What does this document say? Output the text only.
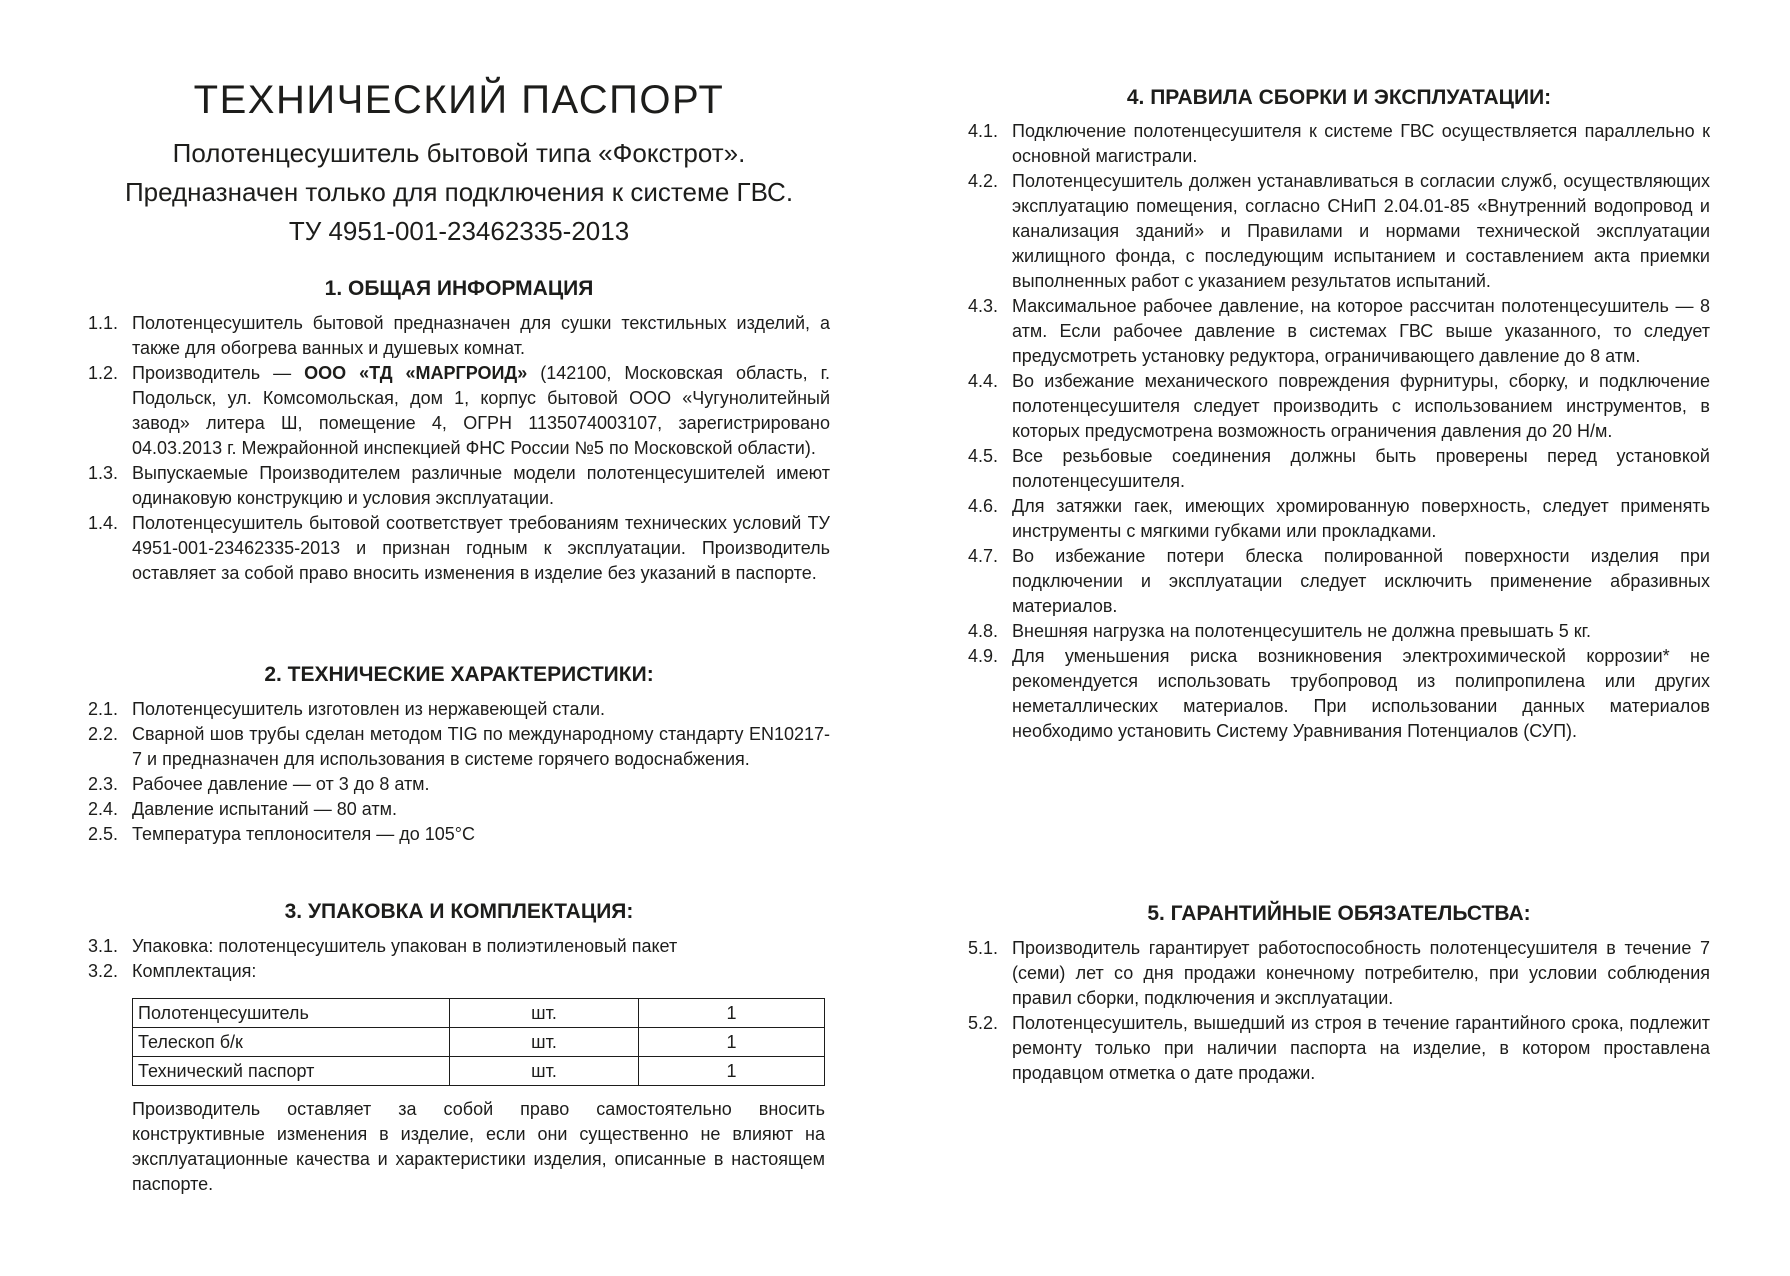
ТЕХНИЧЕСКИЙ ПАСПОРТ

Полотенцесушитель бытовой типа «Фокстрот».

Предназначен только для подключения к системе ГВС.

ТУ 4951-001-23462335-2013

1. ОБЩАЯ ИНФОРМАЦИЯ
1.1. Полотенцесушитель бытовой предназначен для сушки текстильных изделий, а также для обогрева ванных и душевых комнат.
1.2. Производитель — ООО «ТД «МАРГРОИД» (142100, Московская область, г. Подольск, ул. Комсомольская, дом 1, корпус бытовой ООО «Чугунолитейный завод» литера Ш, помещение 4, ОГРН 1135074003107, зарегистрировано 04.03.2013 г. Межрайонной инспекцией ФНС России №5 по Московской области).
1.3. Выпускаемые Производителем различные модели полотенцесушителей имеют одинаковую конструкцию и условия эксплуатации.
1.4. Полотенцесушитель бытовой соответствует требованиям технических условий ТУ 4951-001-23462335-2013 и признан годным к эксплуатации. Производитель оставляет за собой право вносить изменения в изделие без указаний в паспорте.
2. ТЕХНИЧЕСКИЕ ХАРАКТЕРИСТИКИ:
2.1. Полотенцесушитель изготовлен из нержавеющей стали.
2.2. Сварной шов трубы сделан методом TIG по международному стандарту EN10217-7 и предназначен для использования в системе горячего водоснабжения.
2.3. Рабочее давление — от 3 до 8 атм.
2.4. Давление испытаний — 80 атм.
2.5. Температура теплоносителя — до 105°С
3. УПАКОВКА И КОМПЛЕКТАЦИЯ:
3.1. Упаковка: полотенцесушитель упакован в полиэтиленовый пакет
3.2. Комплектация:
Полотенцесушитель	шт.	1
Телескоп б/к	шт.	1
Технический паспорт	шт.	1

Производитель оставляет за собой право самостоятельно вносить конструктивные изменения в изделие, если они существенно не влияют на эксплуатационные качества и характеристики изделия, описанные в настоящем паспорте.

4. ПРАВИЛА СБОРКИ И ЭКСПЛУАТАЦИИ:
4.1. Подключение полотенцесушителя к системе ГВС осуществляется параллельно к основной магистрали.
4.2. Полотенцесушитель должен устанавливаться в согласии служб, осуществляющих эксплуатацию помещения, согласно СНиП 2.04.01-85 «Внутренний водопровод и канализация зданий» и Правилами и нормами технической эксплуатации жилищного фонда, с последующим испытанием и составлением акта приемки выполненных работ с указанием результатов испытаний.
4.3. Максимальное рабочее давление, на которое рассчитан полотенцесушитель — 8 атм. Если рабочее давление в системах ГВС выше указанного, то следует предусмотреть установку редуктора, ограничивающего давление до 8 атм.
4.4. Во избежание механического повреждения фурнитуры, сборку, и подключение полотенцесушителя следует производить с использованием инструментов, в которых предусмотрена возможность ограничения давления до 20 Н/м.
4.5. Все резьбовые соединения должны быть проверены перед установкой полотенцесушителя.
4.6. Для затяжки гаек, имеющих хромированную поверхность, следует применять инструменты с мягкими губками или прокладками.
4.7. Во избежание потери блеска полированной поверхности изделия при подключении и эксплуатации следует исключить применение абразивных материалов.
4.8. Внешняя нагрузка на полотенцесушитель не должна превышать 5 кг.
4.9. Для уменьшения риска возникновения электрохимической коррозии* не рекомендуется использовать трубопровод из полипропилена или других неметаллических материалов. При использовании данных материалов необходимо установить Систему Уравнивания Потенциалов (СУП).
5. ГАРАНТИЙНЫЕ ОБЯЗАТЕЛЬСТВА:
5.1. Производитель гарантирует работоспособность полотенцесушителя в течение 7 (семи) лет со дня продажи конечному потребителю, при условии соблюдения правил сборки, подключения и эксплуатации.
5.2. Полотенцесушитель, вышедший из строя в течение гарантийного срока, подлежит ремонту только при наличии паспорта на изделие, в котором проставлена продавцом отметка о дате продажи.
